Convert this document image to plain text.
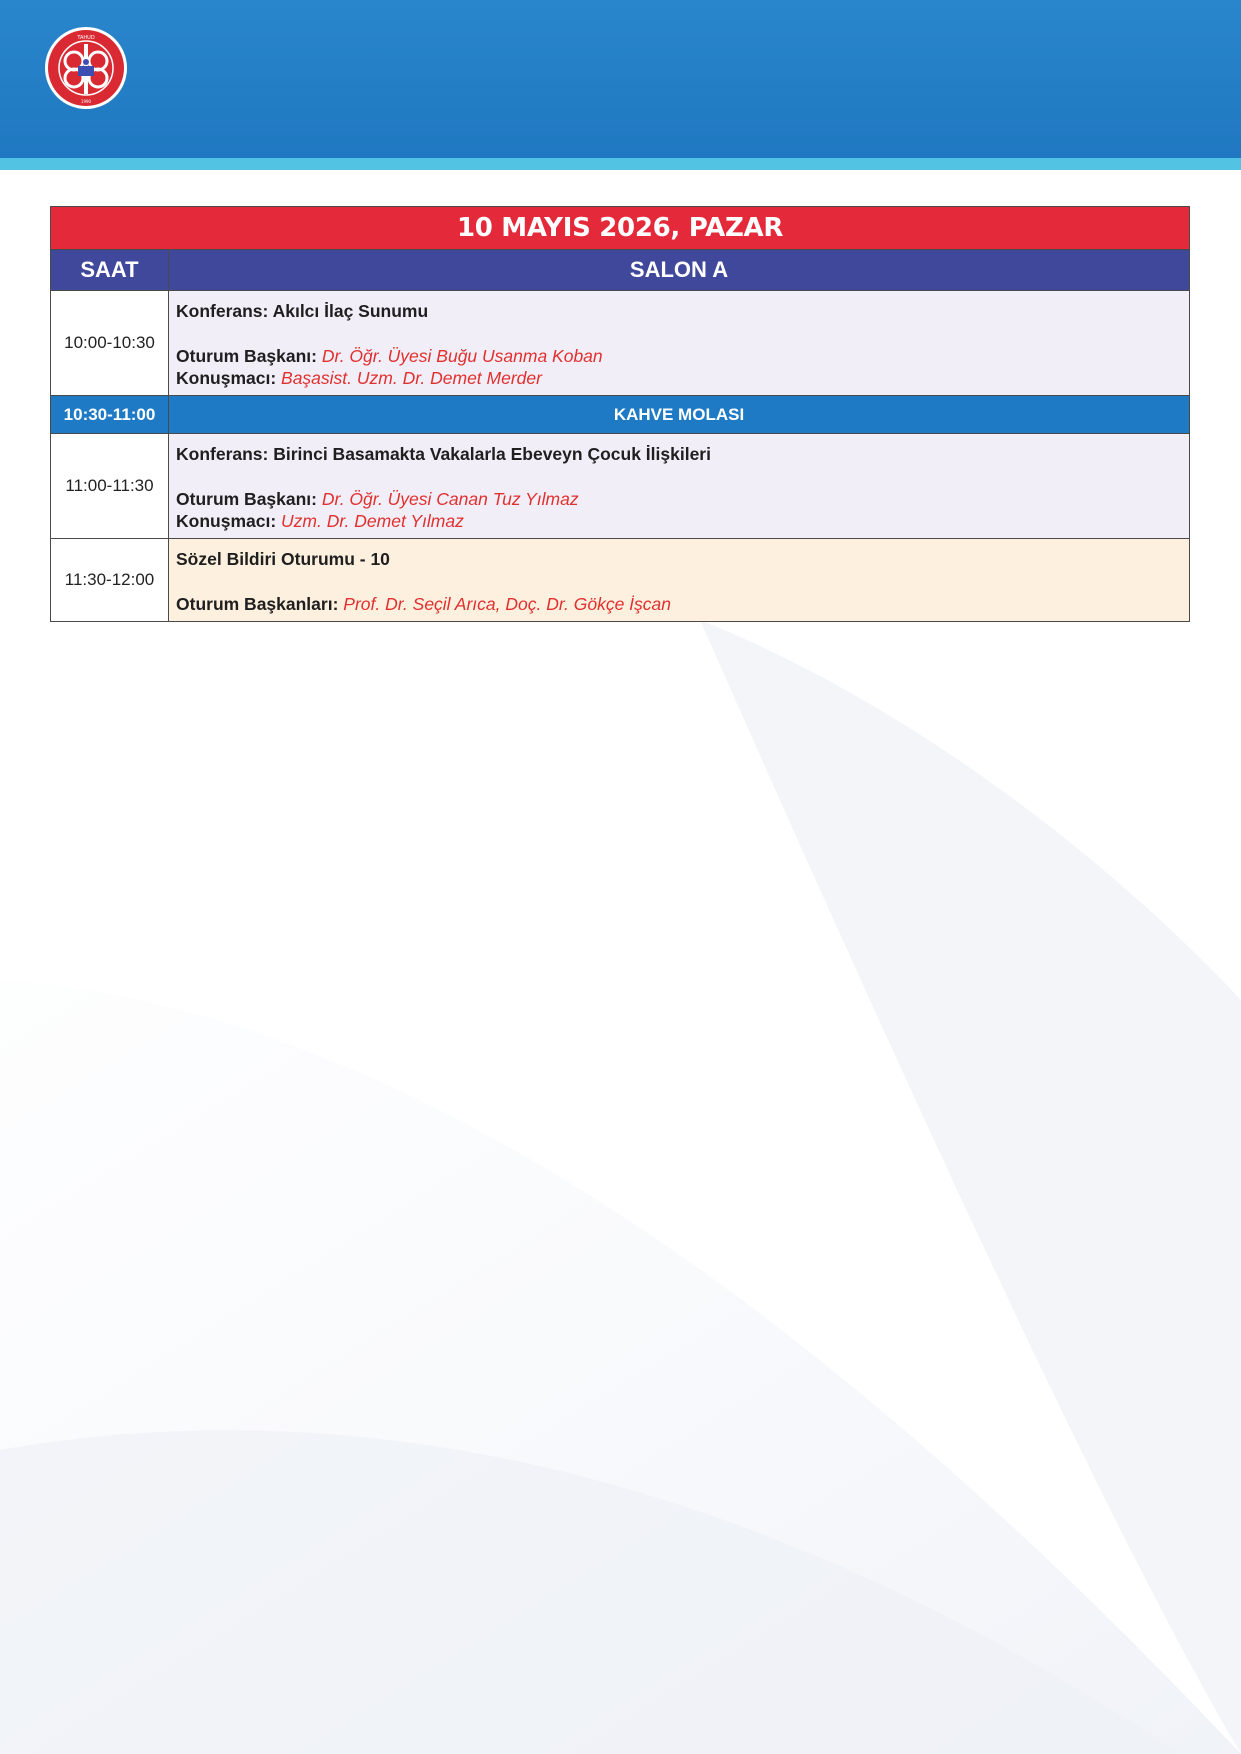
TAHUD
1990
10 MAYIS 2026, PAZAR	
SAAT	SALON A
10:00-10:30	Konferans: Akılcı İlaç Sunumu
Oturum Başkanı: Dr. Öğr. Üyesi Buğu Usanma Koban
Konuşmacı: Başasist. Uzm. Dr. Demet Merder

10:30-11:00	KAHVE MOLASI
11:00-11:30	Konferans: Birinci Basamakta Vakalarla Ebeveyn Çocuk İlişkileri
Oturum Başkanı: Dr. Öğr. Üyesi Canan Tuz Yılmaz
Konuşmacı: Uzm. Dr. Demet Yılmaz

11:30-12:00	Sözel Bildiri Oturumu - 10
Oturum Başkanları: Prof. Dr. Seçil Arıca, Doç. Dr. Gökçe İşcan
